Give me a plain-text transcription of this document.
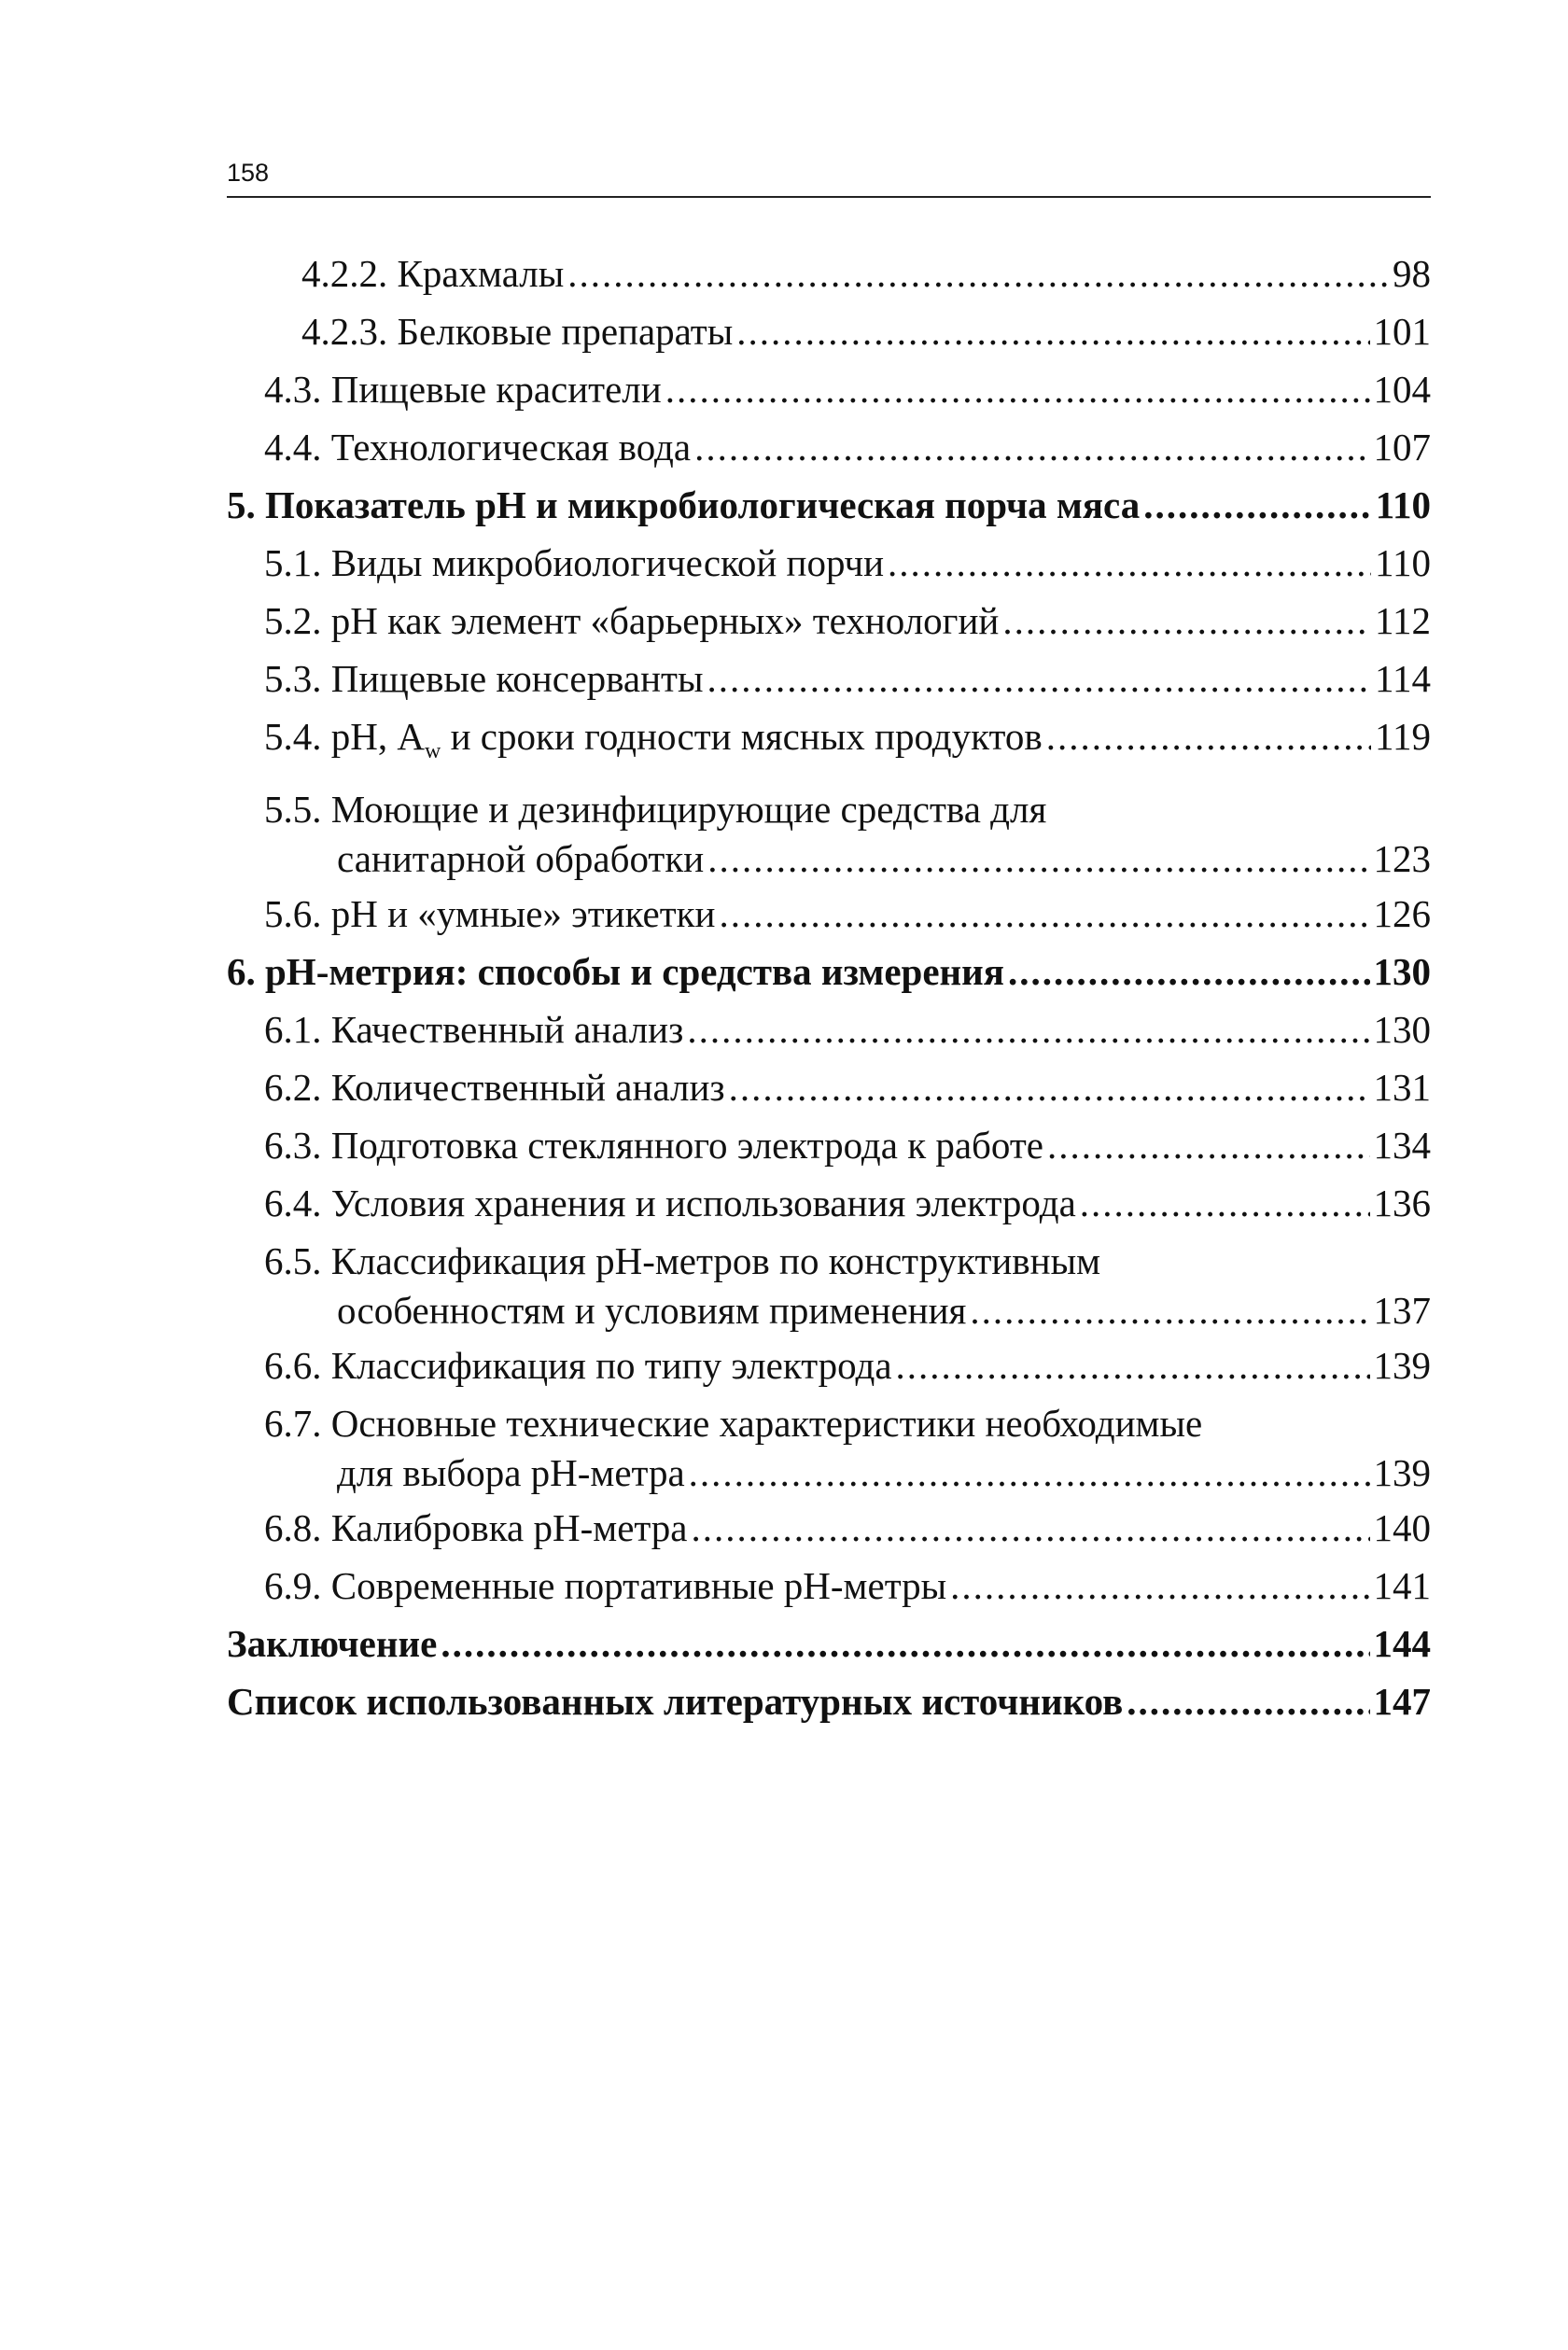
158
4.2.2. Крахмалы .....	98
4.2.3. Белковые препараты .....	101
4.3. Пищевые красители .....	104
4.4. Технологическая вода .....	107
5. Показатель рН и микробиологическая порча мяса .....	110
5.1. Виды микробиологической порчи .....	110
5.2. рН как элемент «барьерных» технологий .....	112
5.3. Пищевые консерванты .....	114
5.4. рН, $A_w$ и сроки годности мясных продуктов .....	119
5.5. Моющие и дезинфицирующие средства для
санитарной обработки .....	123
5.6. рН и «умные» этикетки .....	126
6. рН-метрия: способы и средства измерения .....	130
6.1. Качественный анализ .....	130
6.2. Количественный анализ .....	131
6.3. Подготовка стеклянного электрода к работе .....	134
6.4. Условия хранения и использования электрода .....	136
6.5. Классификация рН-метров по конструктивным
особенностям и условиям применения .....	137
6.6. Классификация по типу электрода .....	139
6.7. Основные технические характеристики необходимые
для выбора рН-метра .....	139
6.8. Калибровка рН-метра .....	140
6.9. Современные портативные рН-метры .....	141
Заключение .....	144
Список использованных литературных источников .....	147
